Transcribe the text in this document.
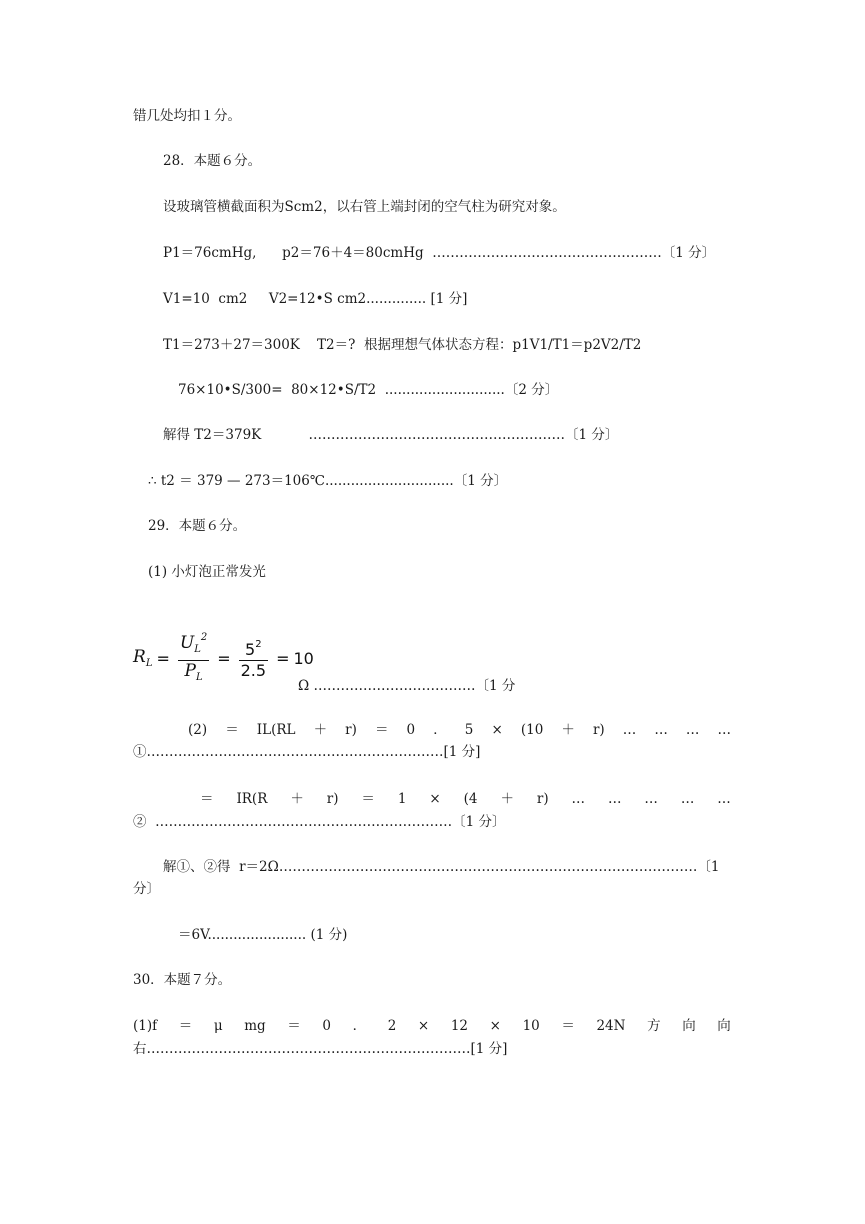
错几处均扣１分。
28．本题６分。
设玻璃管横截面积为Scm2，以右管上端封闭的空气柱为研究对象。
P1＝76cmHg,      p2＝76＋4＝80cmHg  ……………………………………………〔1 分〕
V1=10  cm2     V2=12•S cm2.............. [1 分]
T1＝273＋27＝300K    T2＝?  根据理想气体状态方程：p1V1/T1＝p2V2/T2
76×10•S/300=  80×12•S/T2  ............................〔2 分〕
解得 T2＝379K           …………………………………………………〔1 分〕
∴ t2 ＝ 379 — 273＝106℃..............................〔1 分〕
29．本题６分。
(1) 小灯泡正常发光
$R_L = \frac{U_L^2}{P_L} = \frac{5^2}{2.5} = 10$
Ω ………………………………〔1 分
(2) ＝ IL(RL ＋ r) ＝ 0 ． 5 × (10 ＋ r) … … … …
①…………………………………………………………[1 分]
＝ IR(R ＋ r) ＝ 1 × (4 ＋ r) … … … … …
②  …………………………………………………………〔1 分〕
解①、②得  r＝2Ω…………………………………………………………………………………〔1
分〕
＝6V....................... (1 分)
30．本题７分。
(1)f ＝ μ mg ＝ 0 ． 2 × 12 × 10 ＝ 24N 方 向 向
右………………………………………………………………[1 分]
